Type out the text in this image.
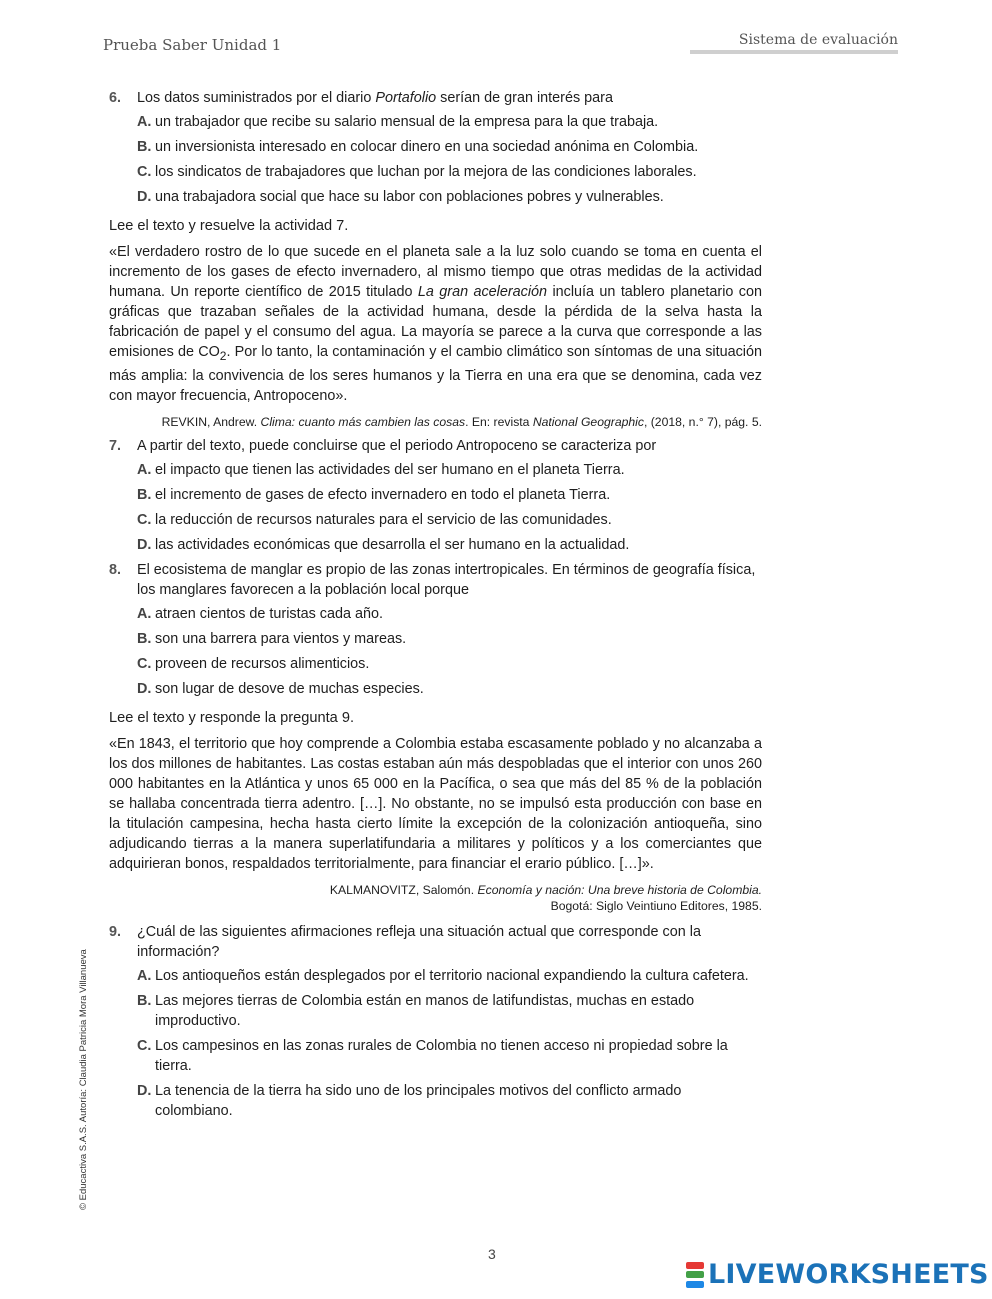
Prueba Saber Unidad 1	Sistema de evaluación
6. Los datos suministrados por el diario Portafolio serían de gran interés para
A. un trabajador que recibe su salario mensual de la empresa para la que trabaja.
B. un inversionista interesado en colocar dinero en una sociedad anónima en Colombia.
C. los sindicatos de trabajadores que luchan por la mejora de las condiciones laborales.
D. una trabajadora social que hace su labor con poblaciones pobres y vulnerables.
Lee el texto y resuelve la actividad 7.

«El verdadero rostro de lo que sucede en el planeta sale a la luz solo cuando se toma en cuenta el incremento de los gases de efecto invernadero, al mismo tiempo que otras medidas de la actividad humana. Un reporte científico de 2015 titulado La gran aceleración incluía un tablero planetario con gráficas que trazaban señales de la actividad humana, desde la pérdida de la selva hasta la fabricación de papel y el consumo del agua. La mayoría se parece a la curva que corresponde a las emisiones de $CO_2$. Por lo tanto, la contaminación y el cambio climático son síntomas de una situación más amplia: la convivencia de los seres humanos y la Tierra en una era que se denomina, cada vez con mayor frecuencia, Antropoceno».

REVKIN, Andrew. Clima: cuanto más cambien las cosas. En: revista National Geographic, (2018, n.° 7), pág. 5.
7. A partir del texto, puede concluirse que el periodo Antropoceno se caracteriza por
A. el impacto que tienen las actividades del ser humano en el planeta Tierra.
B. el incremento de gases de efecto invernadero en todo el planeta Tierra.
C. la reducción de recursos naturales para el servicio de las comunidades.
D. las actividades económicas que desarrolla el ser humano en la actualidad.
8. El ecosistema de manglar es propio de las zonas intertropicales. En términos de geografía física, los manglares favorecen a la población local porque
A. atraen cientos de turistas cada año.
B. son una barrera para vientos y mareas.
C. proveen de recursos alimenticios.
D. son lugar de desove de muchas especies.
Lee el texto y responde la pregunta 9.

«En 1843, el territorio que hoy comprende a Colombia estaba escasamente poblado y no alcanzaba a los dos millones de habitantes. Las costas estaban aún más despobladas que el interior con unos 260 000 habitantes en la Atlántica y unos 65 000 en la Pacífica, o sea que más del 85 % de la población se hallaba concentrada tierra adentro. […]. No obstante, no se impulsó esta producción con base en la titulación campesina, hecha hasta cierto límite la excepción de la colonización antioqueña, sino adjudicando tierras a la manera superlatifundaria a militares y políticos y a los comerciantes que adquirieran bonos, respaldados territorialmente, para financiar el erario público. […]».

KALMANOVITZ, Salomón. Economía y nación: Una breve historia de Colombia.
Bogotá: Siglo Veintiuno Editores, 1985.
9. ¿Cuál de las siguientes afirmaciones refleja una situación actual que corresponde con la información?
A. Los antioqueños están desplegados por el territorio nacional expandiendo la cultura cafetera.
B. Las mejores tierras de Colombia están en manos de latifundistas, muchas en estado improductivo.
C. Los campesinos en las zonas rurales de Colombia no tienen acceso ni propiedad sobre la tierra.
D. La tenencia de la tierra ha sido uno de los principales motivos del conflicto armado colombiano.
© Educactiva S.A.S. Autoría: Claudia Patricia Mora Villanueva
3
LIVEWORKSHEETS
